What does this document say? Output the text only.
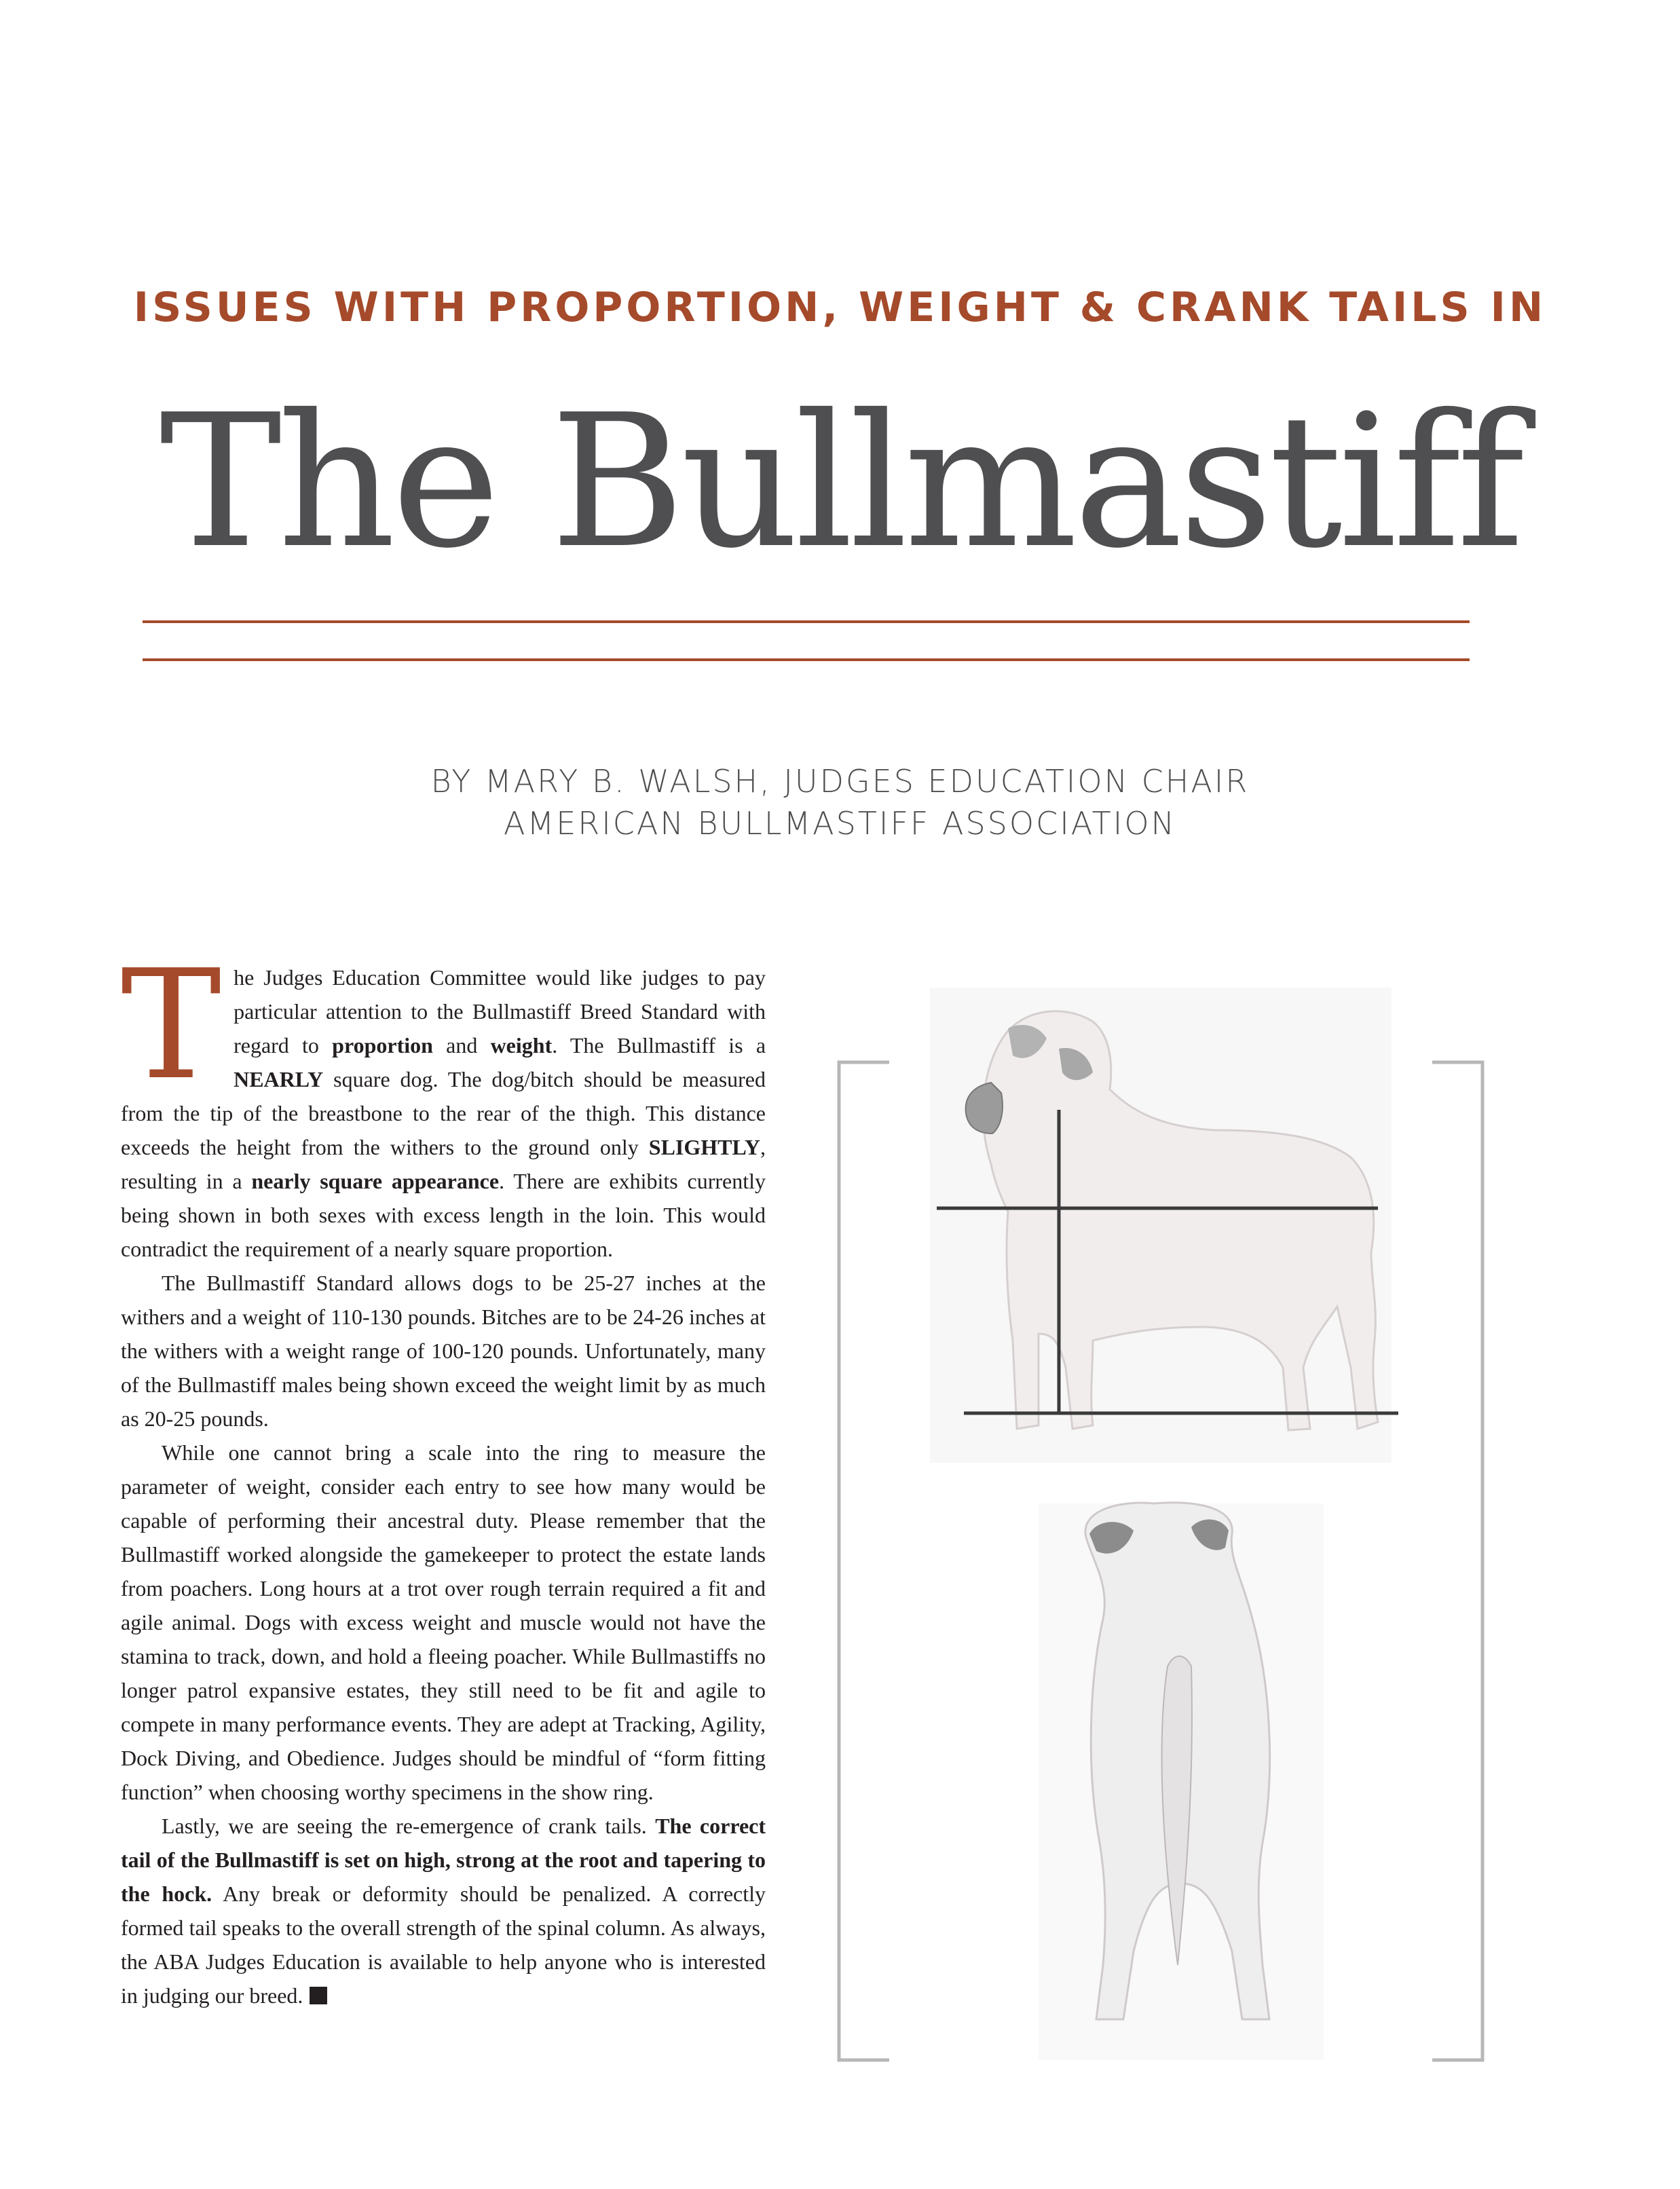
ISSUES WITH PROPORTION, WEIGHT & CRANK TAILS IN
The Bullmastiff
BY MARY B. WALSH, JUDGES EDUCATION CHAIR
AMERICAN BULLMASTIFF ASSOCIATION

The Judges Education Committee would like judges to pay particular attention to the Bullmastiff Breed Standard with regard to proportion and weight. The Bullmastiff is a NEARLY square dog. The dog/bitch should be measured from the tip of the breastbone to the rear of the thigh. This distance exceeds the height from the withers to the ground only SLIGHTLY, resulting in a nearly square appearance. There are exhibits currently being shown in both sexes with excess length in the loin. This would contradict the requirement of a nearly square proportion.

The Bullmastiff Standard allows dogs to be 25-27 inches at the withers and a weight of 110-130 pounds. Bitches are to be 24-26 inches at the withers with a weight range of 100-120 pounds. Unfortunately, many of the Bullmastiff males being shown exceed the weight limit by as much as 20-25 pounds.

While one cannot bring a scale into the ring to measure the parameter of weight, consider each entry to see how many would be capable of performing their ancestral duty. Please remember that the Bullmastiff worked alongside the gamekeeper to protect the estate lands from poachers. Long hours at a trot over rough terrain required a fit and agile animal. Dogs with excess weight and muscle would not have the stamina to track, down, and hold a fleeing poacher. While Bullmastiffs no longer patrol expansive estates, they still need to be fit and agile to compete in many performance events. They are adept at Tracking, Agility, Dock Diving, and Obedience. Judges should be mindful of “form fitting function” when choosing worthy specimens in the show ring.

Lastly, we are seeing the re-emergence of crank tails. The correct tail of the Bullmastiff is set on high, strong at the root and tapering to the hock. Any break or deformity should be penalized. A correctly formed tail speaks to the overall strength of the spinal column. As always, the ABA Judges Education is available to help anyone who is interested in judging our breed.
